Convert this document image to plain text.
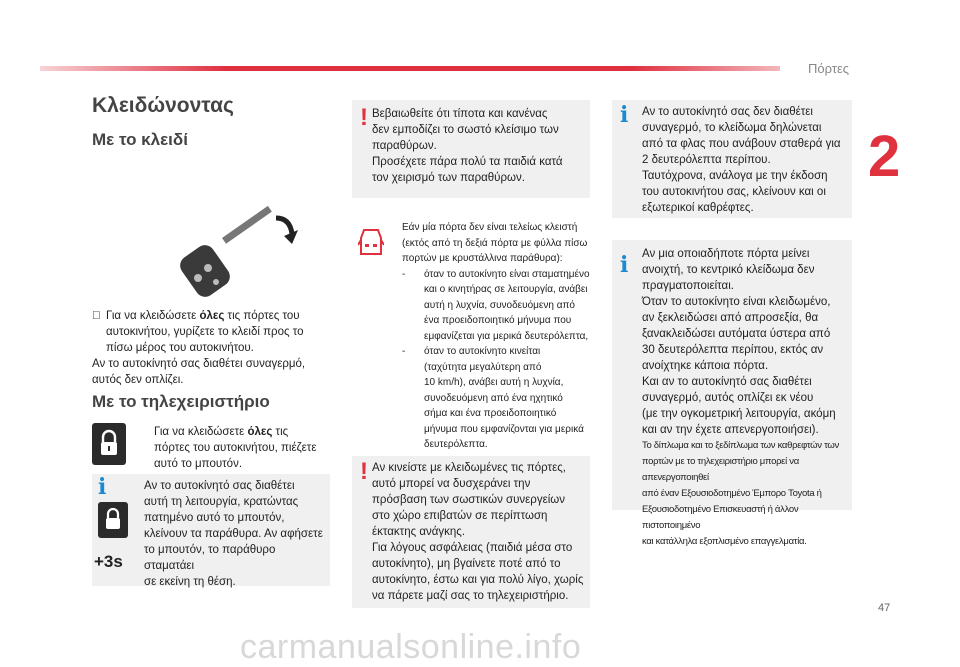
Πόρτες
2
47
carmanualsonline.info
Κλειδώνοντας
Με το κλειδί
Για να κλειδώσετε όλες τις πόρτες του
αυτοκινήτου, γυρίζετε το κλειδί προς το
πίσω μέρος του αυτοκινήτου.
Αν το αυτοκίνητό σας διαθέτει συναγερμό,
αυτός δεν οπλίζει.
Με το τηλεχειριστήριο
Για να κλειδώσετε όλες τις
πόρτες του αυτοκινήτου, πιέζετε
αυτό το μπουτόν.
i
+3s
Αν το αυτοκίνητό σας διαθέτει
αυτή τη λειτουργία, κρατώντας
πατημένο αυτό το μπουτόν,
κλείνουν τα παράθυρα. Αν αφήσετε
το μπουτόν, το παράθυρο σταματάει
σε εκείνη τη θέση.
! Βεβαιωθείτε ότι τίποτα και κανένας
δεν εμποδίζει το σωστό κλείσιμο των
παραθύρων.
Προσέχετε πάρα πολύ τα παιδιά κατά
τον χειρισμό των παραθύρων.
Εάν μία πόρτα δεν είναι τελείως κλειστή
(εκτός από τη δεξιά πόρτα με φύλλα πίσω
πορτών με κρυστάλλινα παράθυρα):
- όταν το αυτοκίνητο είναι σταματημένο
και ο κινητήρας σε λειτουργία, ανάβει
αυτή η λυχνία, συνοδευόμενη από
ένα προειδοποιητικό μήνυμα που
εμφανίζεται για μερικά δευτερόλεπτα,
- όταν το αυτοκίνητο κινείται
(ταχύτητα μεγαλύτερη από
10 km/h), ανάβει αυτή η λυχνία,
συνοδευόμενη από ένα ηχητικό
σήμα και ένα προειδοποιητικό
μήνυμα που εμφανίζονται για μερικά
δευτερόλεπτα.
! Αν κινείστε με κλειδωμένες τις πόρτες,
αυτό μπορεί να δυσχεράνει την
πρόσβαση των σωστικών συνεργείων
στο χώρο επιβατών σε περίπτωση
έκτακτης ανάγκης.
Για λόγους ασφάλειας (παιδιά μέσα στο
αυτοκίνητο), μη βγαίνετε ποτέ από το
αυτοκίνητο, έστω και για πολύ λίγο, χωρίς
να πάρετε μαζί σας το τηλεχειριστήριο.
i Αν το αυτοκίνητό σας δεν διαθέτει
συναγερμό, το κλείδωμα δηλώνεται
από τα φλας που ανάβουν σταθερά για
2 δευτερόλεπτα περίπου.
Ταυτόχρονα, ανάλογα με την έκδοση
του αυτοκινήτου σας, κλείνουν και οι
εξωτερικοί καθρέφτες.
i Αν μια οποιαδήποτε πόρτα μείνει
ανοιχτή, το κεντρικό κλείδωμα δεν
πραγματοποιείται.
Όταν το αυτοκίνητο είναι κλειδωμένο,
αν ξεκλειδώσει από απροσεξία, θα
ξανακλειδώσει αυτόματα ύστερα από
30 δευτερόλεπτα περίπου, εκτός αν
ανοίχτηκε κάποια πόρτα.
Και αν το αυτοκίνητό σας διαθέτει
συναγερμό, αυτός οπλίζει εκ νέου
(με την ογκομετρική λειτουργία, ακόμη
και αν την έχετε απενεργοποιήσει).
Το δίπλωμα και το ξεδίπλωμα των καθρεφτών των
πορτών με το τηλεχειριστήριο μπορεί να απενεργοποιηθεί
από έναν Εξουσιοδοτημένο Έμπορο Toyota ή
Εξουσιοδοτημένο Επισκευαστή ή άλλον πιστοποιημένο
και κατάλληλα εξοπλισμένο επαγγελματία.
